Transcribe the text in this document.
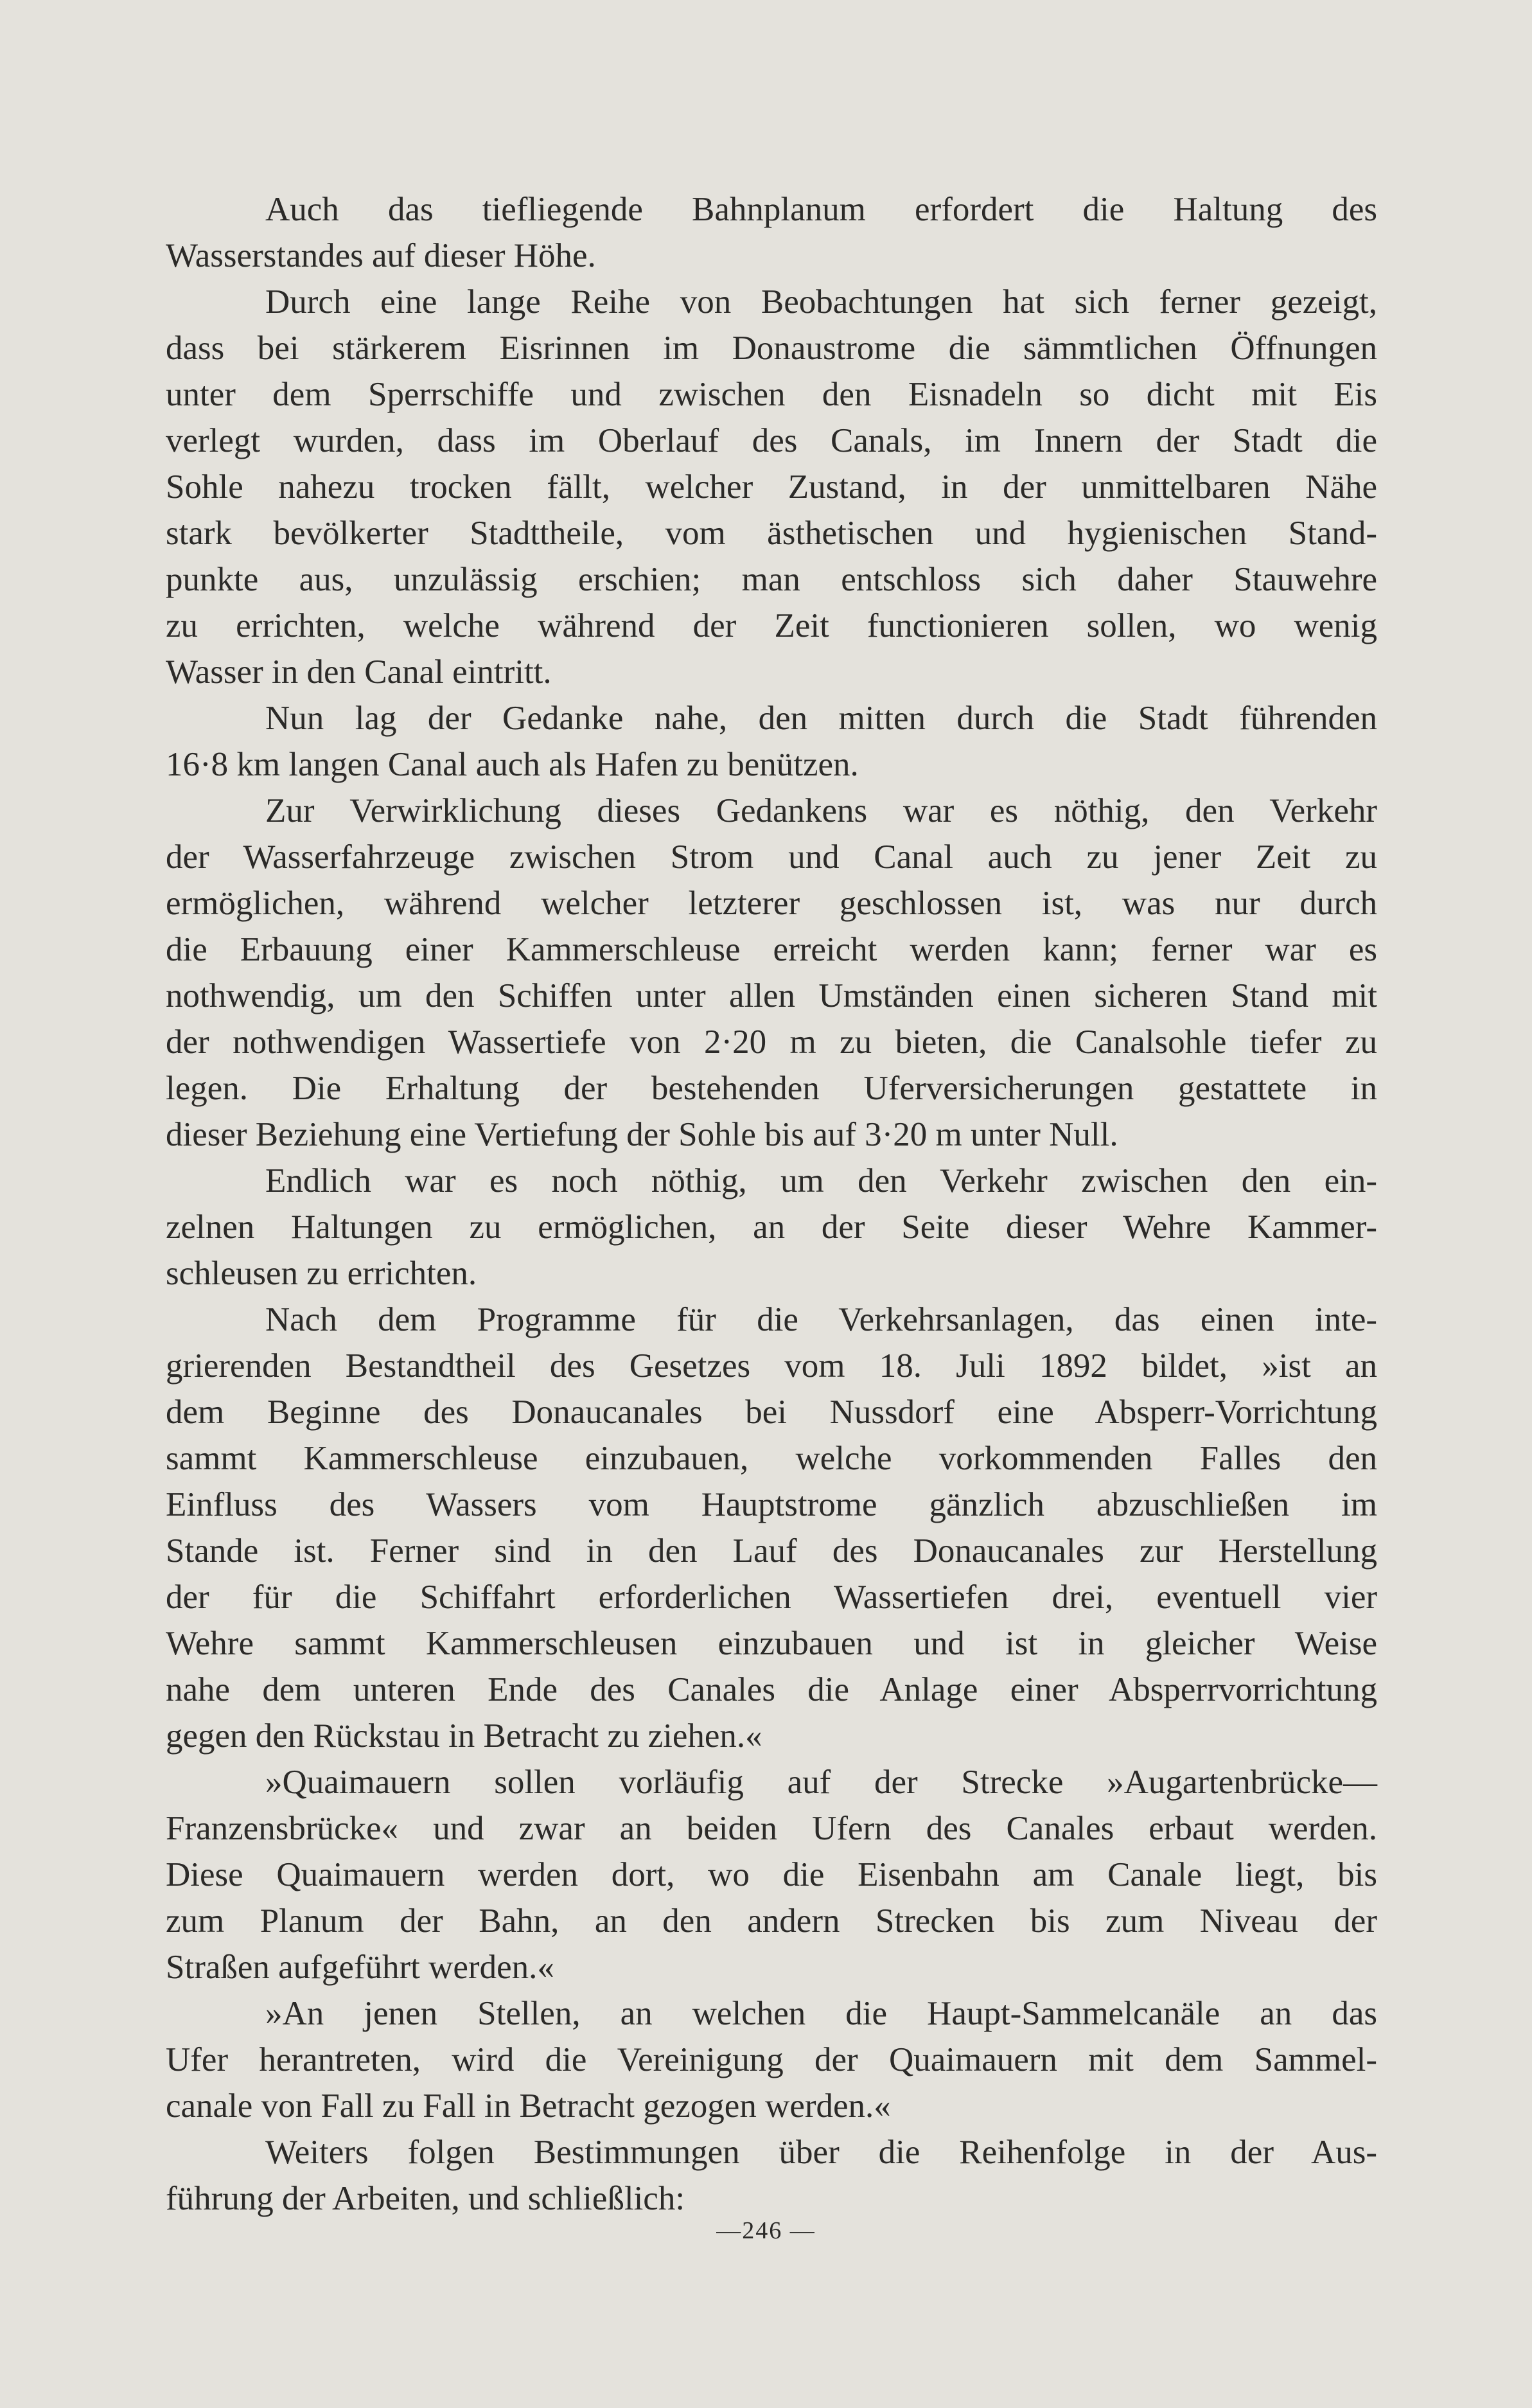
Auch das tiefliegende Bahnplanum erfordert die Haltung des
Wasserstandes auf dieser Höhe.
Durch eine lange Reihe von Beobachtungen hat sich ferner gezeigt,
dass bei stärkerem Eisrinnen im Donaustrome die sämmtlichen Öffnungen
unter dem Sperrschiffe und zwischen den Eisnadeln so dicht mit Eis
verlegt wurden, dass im Oberlauf des Canals, im Innern der Stadt die
Sohle nahezu trocken fällt, welcher Zustand, in der unmittelbaren Nähe
stark bevölkerter Stadttheile, vom ästhetischen und hygienischen Stand-
punkte aus, unzulässig erschien; man entschloss sich daher Stauwehre
zu errichten, welche während der Zeit functionieren sollen, wo wenig
Wasser in den Canal eintritt.
Nun lag der Gedanke nahe, den mitten durch die Stadt führenden
16·8 km langen Canal auch als Hafen zu benützen.
Zur Verwirklichung dieses Gedankens war es nöthig, den Verkehr
der Wasserfahrzeuge zwischen Strom und Canal auch zu jener Zeit zu
ermöglichen, während welcher letzterer geschlossen ist, was nur durch
die Erbauung einer Kammerschleuse erreicht werden kann; ferner war es
nothwendig, um den Schiffen unter allen Umständen einen sicheren Stand mit
der nothwendigen Wassertiefe von 2·20 m zu bieten, die Canalsohle tiefer zu
legen. Die Erhaltung der bestehenden Uferversicherungen gestattete in
dieser Beziehung eine Vertiefung der Sohle bis auf 3·20 m unter Null.
Endlich war es noch nöthig, um den Verkehr zwischen den ein-
zelnen Haltungen zu ermöglichen, an der Seite dieser Wehre Kammer-
schleusen zu errichten.
Nach dem Programme für die Verkehrsanlagen, das einen inte-
grierenden Bestandtheil des Gesetzes vom 18. Juli 1892 bildet, »ist an
dem Beginne des Donaucanales bei Nussdorf eine Absperr-Vorrichtung
sammt Kammerschleuse einzubauen, welche vorkommenden Falles den
Einfluss des Wassers vom Hauptstrome gänzlich abzuschließen im
Stande ist. Ferner sind in den Lauf des Donaucanales zur Herstellung
der für die Schiffahrt erforderlichen Wassertiefen drei, eventuell vier
Wehre sammt Kammerschleusen einzubauen und ist in gleicher Weise
nahe dem unteren Ende des Canales die Anlage einer Absperrvorrichtung
gegen den Rückstau in Betracht zu ziehen.«
»Quaimauern sollen vorläufig auf der Strecke »Augartenbrücke—
Franzensbrücke« und zwar an beiden Ufern des Canales erbaut werden.
Diese Quaimauern werden dort, wo die Eisenbahn am Canale liegt, bis
zum Planum der Bahn, an den andern Strecken bis zum Niveau der
Straßen aufgeführt werden.«
»An jenen Stellen, an welchen die Haupt-Sammelcanäle an das
Ufer herantreten, wird die Vereinigung der Quaimauern mit dem Sammel-
canale von Fall zu Fall in Betracht gezogen werden.«
Weiters folgen Bestimmungen über die Reihenfolge in der Aus-
führung der Arbeiten, und schließlich:
—246 —
